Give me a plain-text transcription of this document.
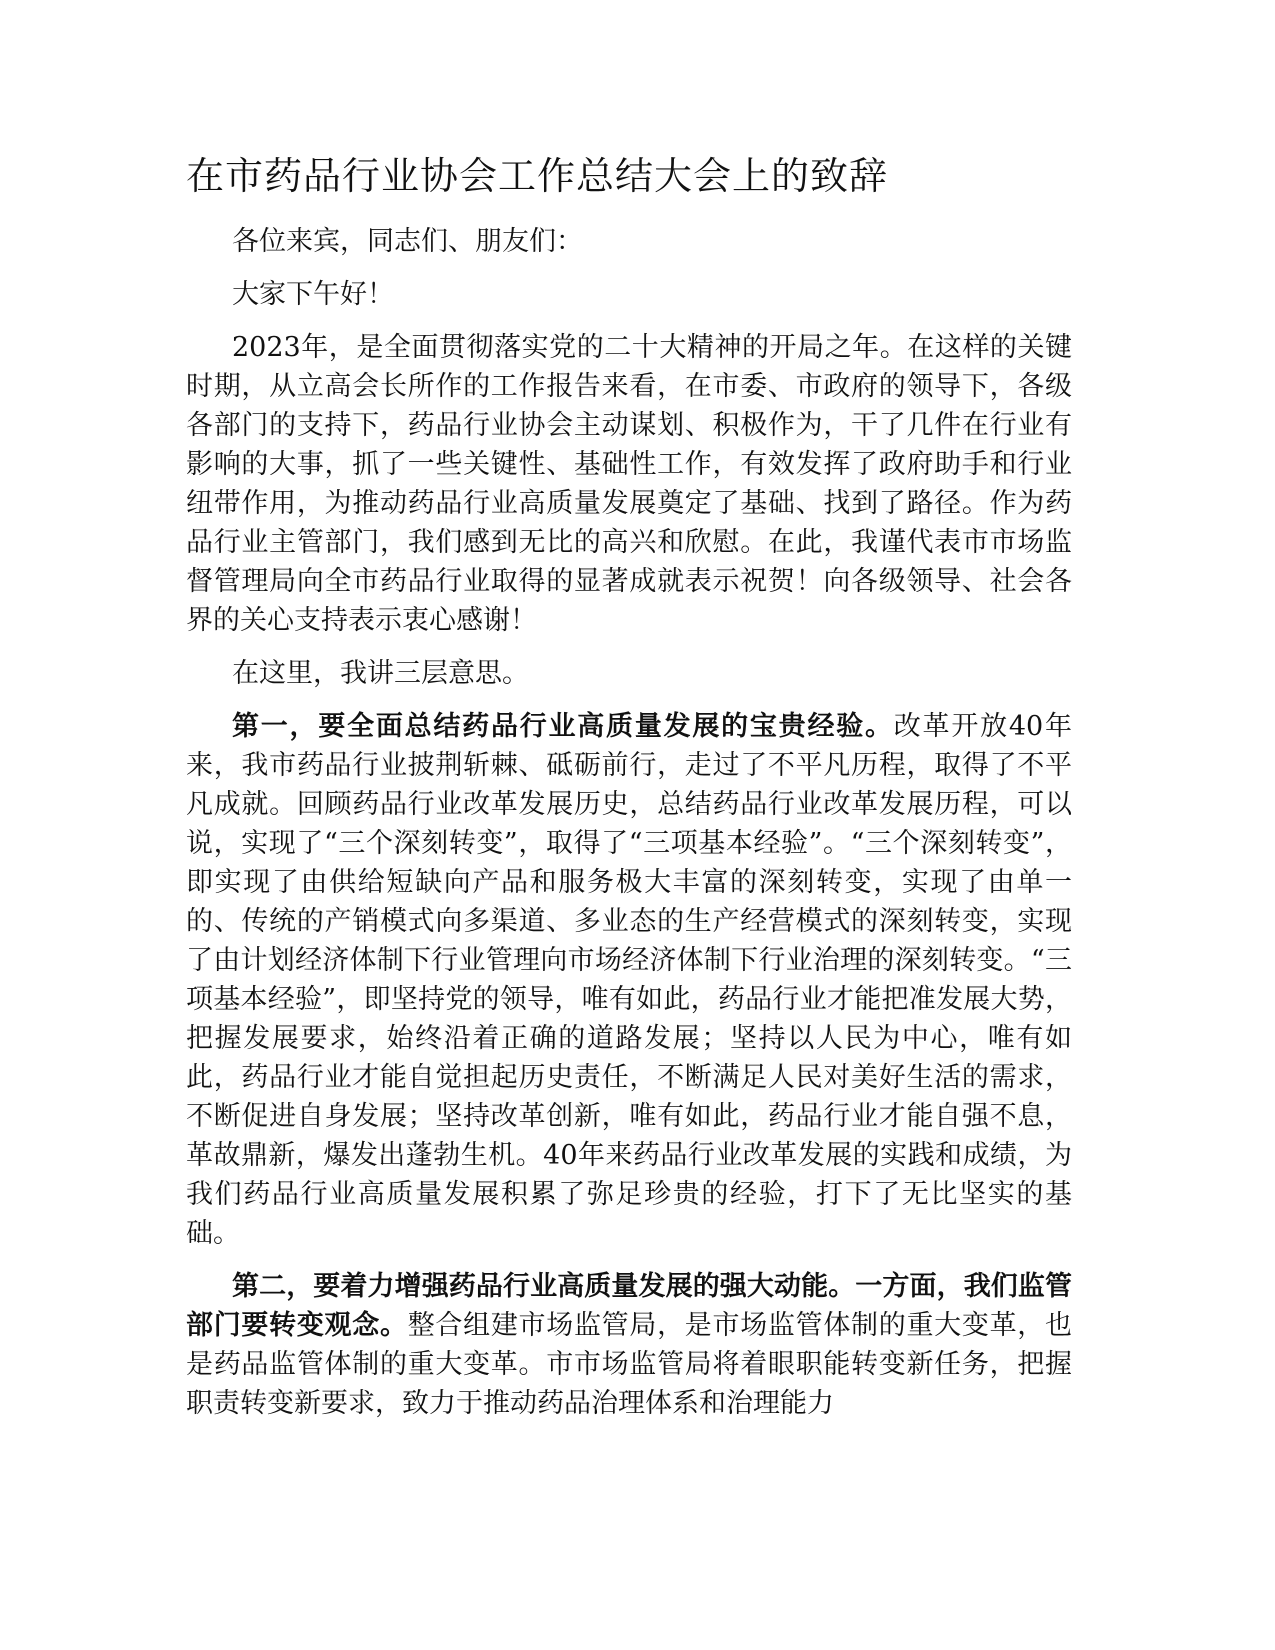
在市药品行业协会工作总结大会上的致辞

各位来宾，同志们、朋友们：

大家下午好！

2023年，是全面贯彻落实党的二十大精神的开局之年。在这样的关键时期，从立高会长所作的工作报告来看，在市委、市政府的领导下，各级各部门的支持下，药品行业协会主动谋划、积极作为，干了几件在行业有影响的大事，抓了一些关键性、基础性工作，有效发挥了政府助手和行业纽带作用，为推动药品行业高质量发展奠定了基础、找到了路径。作为药品行业主管部门，我们感到无比的高兴和欣慰。在此，我谨代表市市场监督管理局向全市药品行业取得的显著成就表示祝贺！向各级领导、社会各界的关心支持表示衷心感谢！

在这里，我讲三层意思。

第一，要全面总结药品行业高质量发展的宝贵经验。改革开放40年来，我市药品行业披荆斩棘、砥砺前行，走过了不平凡历程，取得了不平凡成就。回顾药品行业改革发展历史，总结药品行业改革发展历程，可以说，实现了“三个深刻转变”，取得了“三项基本经验”。“三个深刻转变”，即实现了由供给短缺向产品和服务极大丰富的深刻转变，实现了由单一的、传统的产销模式向多渠道、多业态的生产经营模式的深刻转变，实现了由计划经济体制下行业管理向市场经济体制下行业治理的深刻转变。“三项基本经验”，即坚持党的领导，唯有如此，药品行业才能把准发展大势，把握发展要求，始终沿着正确的道路发展；坚持以人民为中心，唯有如此，药品行业才能自觉担起历史责任，不断满足人民对美好生活的需求，不断促进自身发展；坚持改革创新，唯有如此，药品行业才能自强不息，革故鼎新，爆发出蓬勃生机。40年来药品行业改革发展的实践和成绩，为我们药品行业高质量发展积累了弥足珍贵的经验，打下了无比坚实的基础。

第二，要着力增强药品行业高质量发展的强大动能。一方面，我们监管部门要转变观念。整合组建市场监管局，是市场监管体制的重大变革，也是药品监管体制的重大变革。市市场监管局将着眼职能转变新任务，把握职责转变新要求，致力于推动药品治理体系和治理能力
